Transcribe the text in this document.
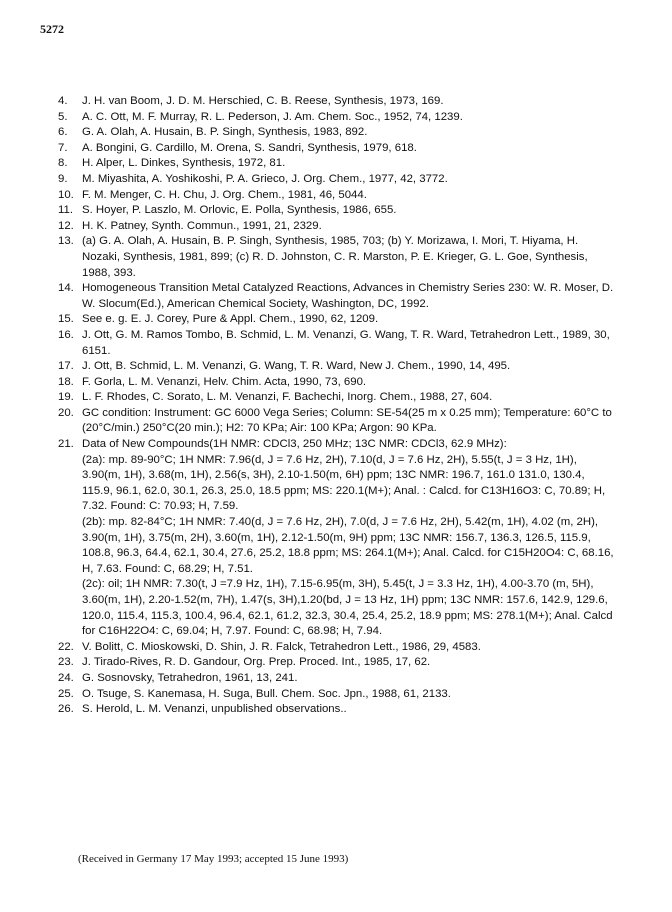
5272
4.	J. H. van Boom, J. D. M. Herschied, C. B. Reese, Synthesis, 1973, 169.

5.	A. C. Ott, M. F. Murray, R. L. Pederson, J. Am. Chem. Soc., 1952, 74, 1239.

6.	G. A. Olah, A. Husain, B. P. Singh, Synthesis, 1983, 892.

7.	A. Bongini, G. Cardillo, M. Orena, S. Sandri, Synthesis, 1979, 618.

8.	H. Alper, L. Dinkes, Synthesis, 1972, 81.

9.	M. Miyashita, A. Yoshikoshi, P. A. Grieco, J. Org. Chem., 1977, 42, 3772.

10. F. M. Menger, C. H. Chu, J. Org. Chem., 1981, 46, 5044.

11. S. Hoyer, P. Laszlo, M. Orlovic, E. Polla, Synthesis, 1986, 655.

12. H. K. Patney, Synth. Commun., 1991, 21, 2329.

13. (a) G. A. Olah, A. Husain, B. P. Singh, Synthesis, 1985, 703; (b) Y. Morizawa, I. Mori, T. Hiyama, H. Nozaki, Synthesis, 1981, 899; (c) R. D. Johnston, C. R. Marston, P. E. Krieger, G. L. Goe, Synthesis, 1988, 393.

14. Homogeneous Transition Metal Catalyzed Reactions, Advances in Chemistry Series 230: W. R. Moser, D. W. Slocum(Ed.), American Chemical Society, Washington, DC, 1992.

15. See e. g. E. J. Corey, Pure & Appl. Chem., 1990, 62, 1209.

16. J. Ott, G. M. Ramos Tombo, B. Schmid, L. M. Venanzi, G. Wang, T. R. Ward, Tetrahedron Lett., 1989, 30, 6151.

17. J. Ott, B. Schmid, L. M. Venanzi, G. Wang, T. R. Ward, New J. Chem., 1990, 14, 495.

18. F. Gorla, L. M. Venanzi, Helv. Chim. Acta, 1990, 73, 690.

19. L. F. Rhodes, C. Sorato, L. M. Venanzi, F. Bachechi, Inorg. Chem., 1988, 27, 604.

20. GC condition: Instrument: GC 6000 Vega Series; Column: SE-54(25 m x 0.25 mm); Temperature: 60°C to (20°C/min.) 250°C(20 min.); H2: 70 KPa; Air: 100 KPa; Argon: 90 KPa.

21. Data of New Compounds(1H NMR: CDCl3, 250 MHz; 13C NMR: CDCl3, 62.9 MHz):

(2a): mp. 89-90°C; 1H NMR: 7.96(d, J = 7.6 Hz, 2H), 7.10(d, J = 7.6 Hz, 2H), 5.55(t, J = 3 Hz, 1H), 3.90(m, 1H), 3.68(m, 1H), 2.56(s, 3H), 2.10-1.50(m, 6H) ppm; 13C NMR: 196.7, 161.0 131.0, 130.4, 115.9, 96.1, 62.0, 30.1, 26.3, 25.0, 18.5 ppm; MS: 220.1(M+); Anal. : Calcd. for C13H16O3: C, 70.89; H, 7.32. Found: C: 70.93; H, 7.59.

(2b): mp. 82-84°C; 1H NMR: 7.40(d, J = 7.6 Hz, 2H), 7.0(d, J = 7.6 Hz, 2H), 5.42(m, 1H), 4.02 (m, 2H), 3.90(m, 1H), 3.75(m, 2H), 3.60(m, 1H), 2.12-1.50(m, 9H) ppm; 13C NMR: 156.7, 136.3, 126.5, 115.9, 108.8, 96.3, 64.4, 62.1, 30.4, 27.6, 25.2, 18.8 ppm; MS: 264.1(M+); Anal. Calcd. for C15H20O4: C, 68.16, H, 7.63. Found: C, 68.29; H, 7.51.

(2c): oil; 1H NMR: 7.30(t, J =7.9 Hz, 1H), 7.15-6.95(m, 3H), 5.45(t, J = 3.3 Hz, 1H), 4.00-3.70 (m, 5H), 3.60(m, 1H), 2.20-1.52(m, 7H), 1.47(s, 3H),1.20(bd, J = 13 Hz, 1H) ppm; 13C NMR: 157.6, 142.9, 129.6, 120.0, 115.4, 115.3, 100.4, 96.4, 62.1, 61.2, 32.3, 30.4, 25.4, 25.2, 18.9 ppm; MS: 278.1(M+); Anal. Calcd for C16H22O4: C, 69.04; H, 7.97. Found: C, 68.98; H, 7.94.

22. V. Bolitt, C. Mioskowski, D. Shin, J. R. Falck, Tetrahedron Lett., 1986, 29, 4583.

23. J. Tirado-Rives, R. D. Gandour, Org. Prep. Proced. Int., 1985, 17, 62.

24. G. Sosnovsky, Tetrahedron, 1961, 13, 241.

25. O. Tsuge, S. Kanemasa, H. Suga, Bull. Chem. Soc. Jpn., 1988, 61, 2133.

26. S. Herold, L. M. Venanzi, unpublished observations..

(Received in Germany 17 May 1993; accepted 15 June 1993)
